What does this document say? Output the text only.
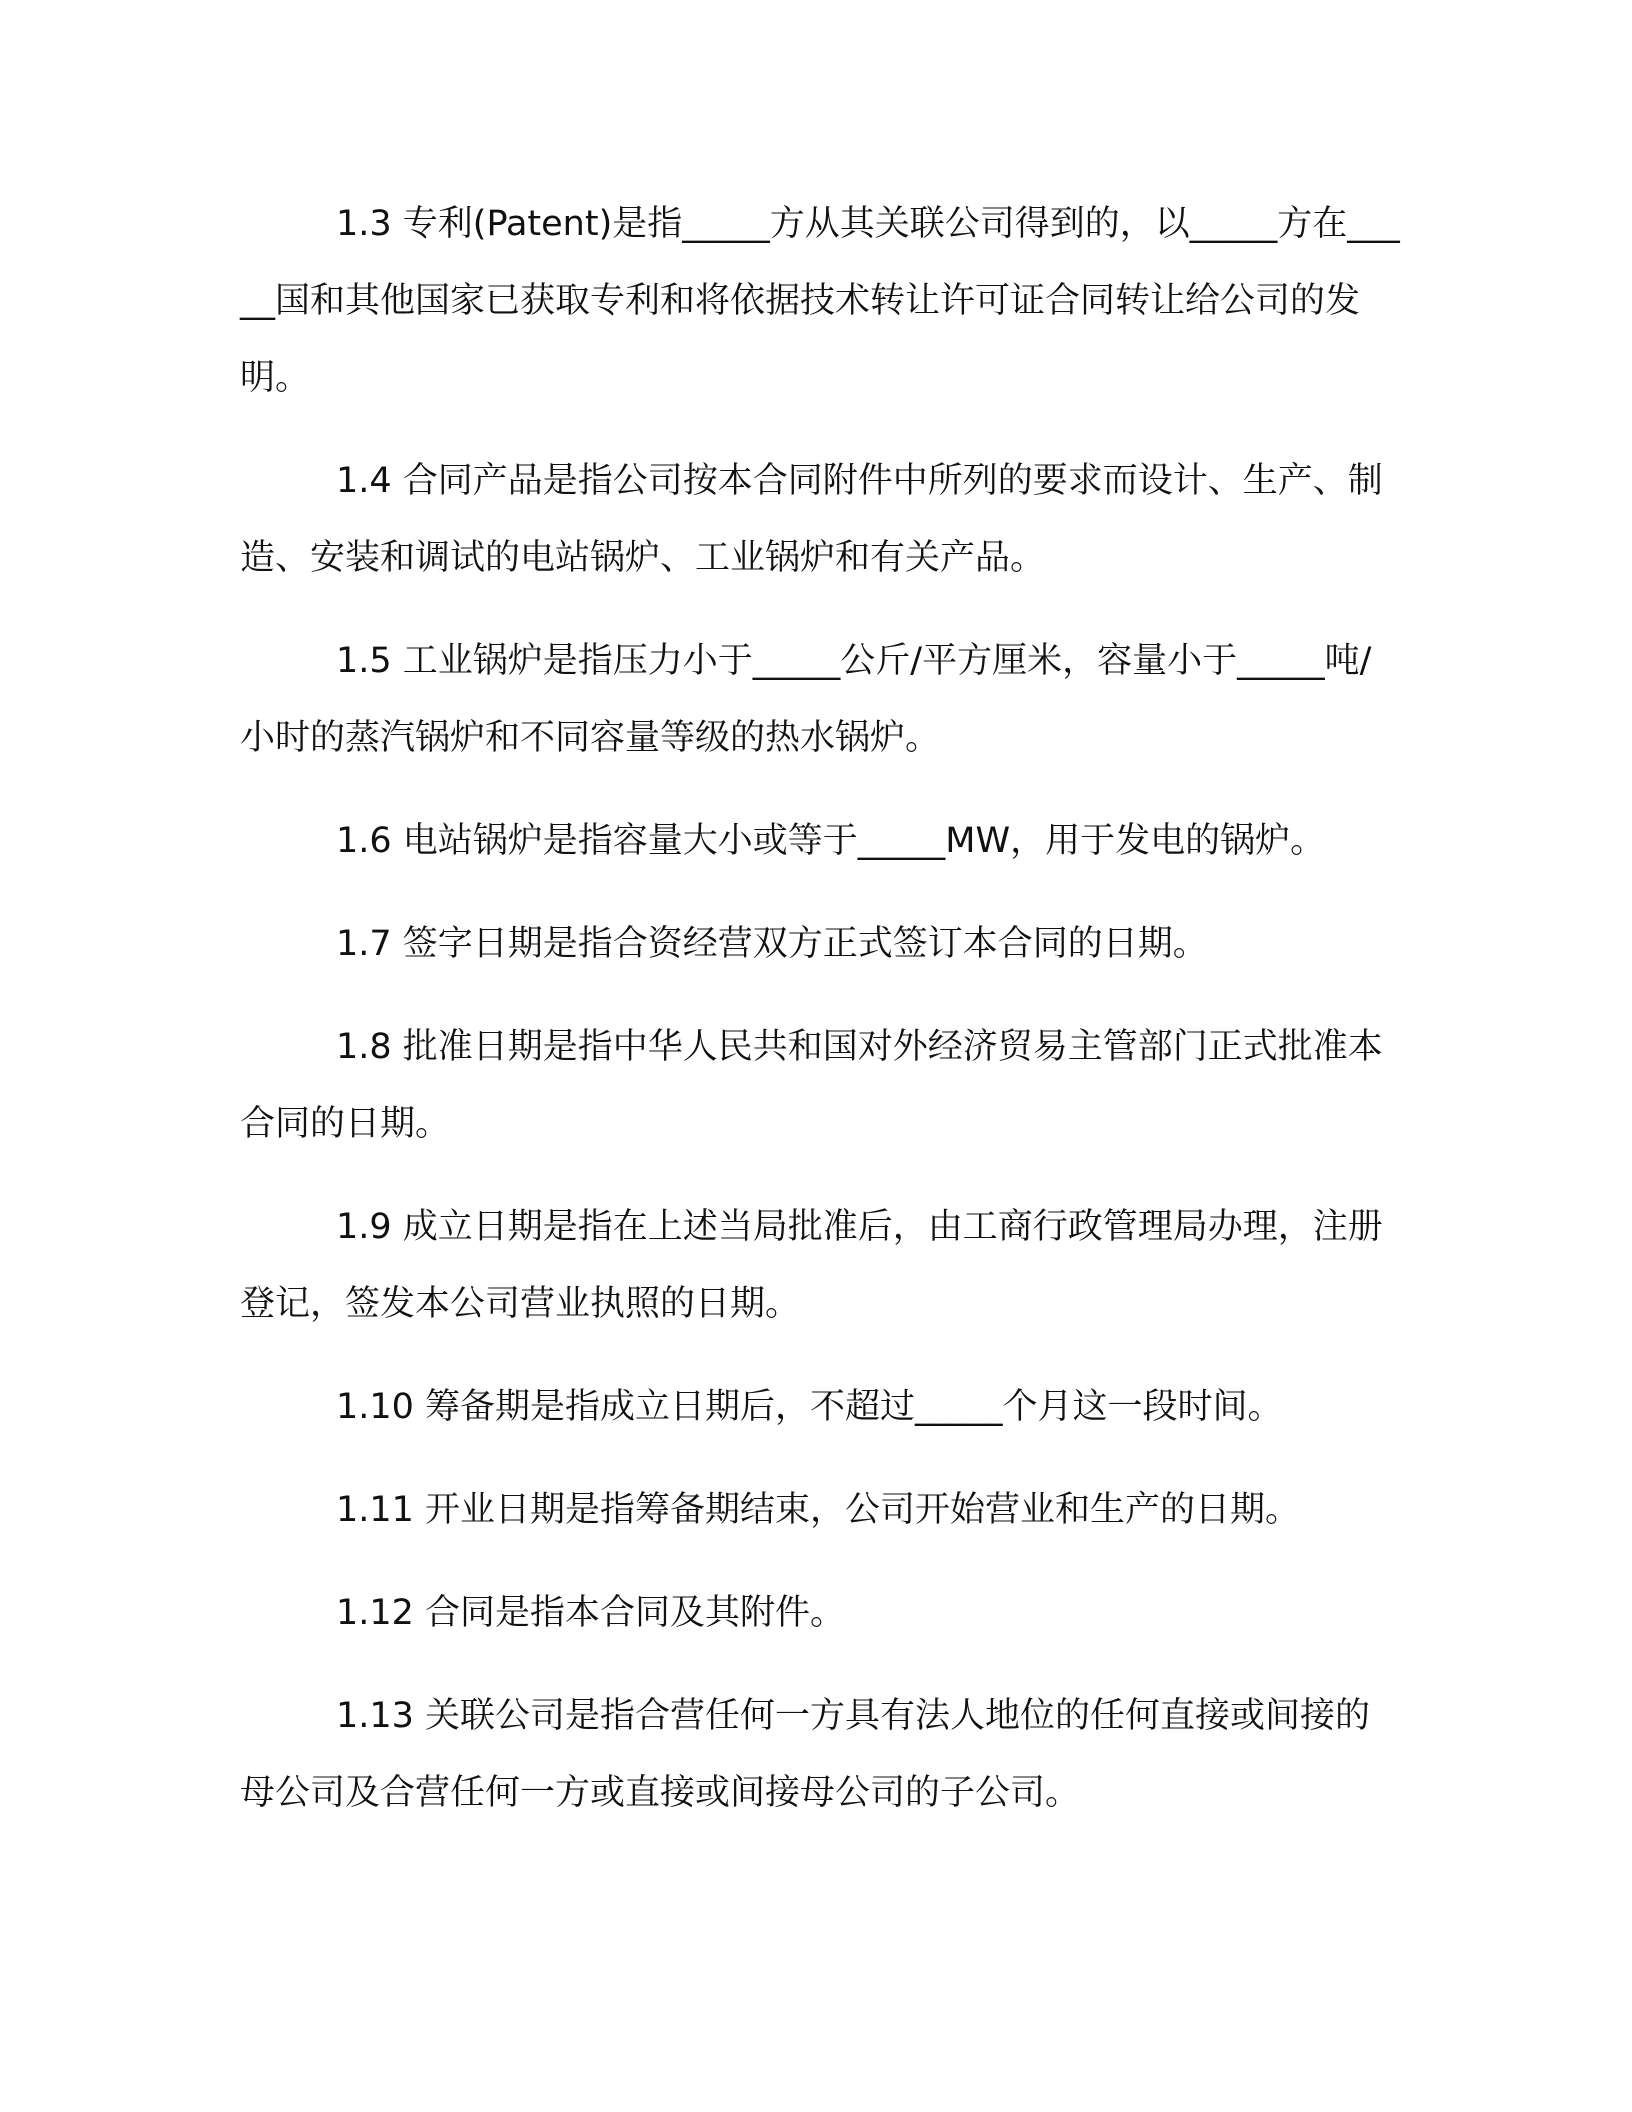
1.3 专利(Patent)是指_____方从其关联公司得到的，以_____方在_____国和其他国家已获取专利和将依据技术转让许可证合同转让给公司的发明。

1.4 合同产品是指公司按本合同附件中所列的要求而设计、生产、制造、安装和调试的电站锅炉、工业锅炉和有关产品。

1.5 工业锅炉是指压力小于_____公斤/平方厘米，容量小于_____吨/小时的蒸汽锅炉和不同容量等级的热水锅炉。

1.6 电站锅炉是指容量大小或等于_____MW，用于发电的锅炉。

1.7 签字日期是指合资经营双方正式签订本合同的日期。

1.8 批准日期是指中华人民共和国对外经济贸易主管部门正式批准本合同的日期。

1.9 成立日期是指在上述当局批准后，由工商行政管理局办理，注册登记，签发本公司营业执照的日期。

1.10 筹备期是指成立日期后，不超过_____个月这一段时间。

1.11 开业日期是指筹备期结束，公司开始营业和生产的日期。

1.12 合同是指本合同及其附件。

1.13 关联公司是指合营任何一方具有法人地位的任何直接或间接的母公司及合营任何一方或直接或间接母公司的子公司。
